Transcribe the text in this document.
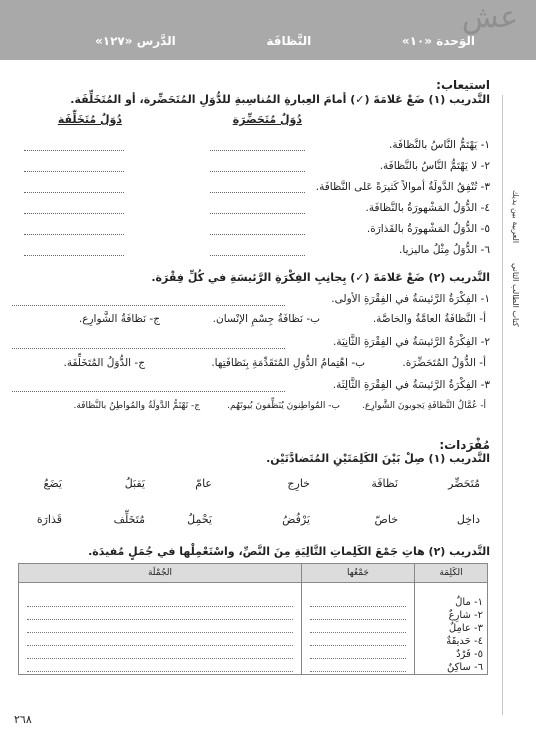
ﻋﺶ
الوَحدة «١٠»
النَّظافَة
الدَّرس «١٢٧»
كتاب الطالب الثاني
العربية بين يديك
استيعاب:
التَّدريب (١) ضَعْ عَلامَةَ (✓) أمامَ العِبارةِ المُناسِبةِ للدُّوَلِ المُتَحَضِّرة، أو المُتَخَلِّفَة.
دُوَلٌ مُتَحَضِّرَة
دُوَلٌ مُتَخَلِّفَة
١- يَهْتَمُّ النَّاسُ بالنَّظافَة.
٢- لا يَهْتَمُّ النَّاسُ بالنَّظافَة.
٣- تُنْفِقُ الدَّولَةُ أموالاً كَثيرَةً عَلى النَّظافَة.
٤- الدُّوَلُ المَشْهورَةُ بالنَّظافَة.
٥- الدُّوَلُ المَشْهورَةُ بالقَذارَة.
٦- الدُّوَلُ مِثْلُ ماليزيا.
التَّدريب (٢) ضَعْ عَلامَةَ (✓) بِجانِبِ الفِكْرَةِ الرَّئيسَةِ في كُلِّ فِقْرَة.
١- الفِكْرَةُ الرَّئيسَةُ في الفِقْرَةِ الأولى.
أ- النَّظافَةُ العامَّةُ والخاصَّة.
ب- نَظافَةُ جِسْمِ الإنْسان.
ج- نَظافَةُ الشَّوارِع.
٢- الفِكْرَةُ الرَّئيسَةُ في الفِقْرَةِ الثَّانِيَة.
أ- الدُّوَلُ المُتَحَضِّرَة.
ب- اهْتِمامُ الدُّوَلِ المُتَقَدِّمَةِ بِنَظافَتِها.
ج- الدُّوَلُ المُتَخَلِّفَة.
٣- الفِكْرَةُ الرَّئيسَةُ في الفِقْرَةِ الثَّالِثَة.
أ- عُمَّالُ النَّظافَةِ يَجوبونَ الشَّوارِع.
ب- المُواطِنونَ يُنَظِّفونَ بُيوتَهُم.
ج- تَهْتَمُّ الدَّولَةُ والمُواطِنُ بالنَّظافَة.
مُفْرَدات:
التَّدريب (١) صِلْ بَيْنَ الكَلِمَتَيْنِ المُتَضادَّتَيْن.
مُتَحَضِّر
نَظافَة
خارِج
عامّ
يَقبَلُ
يَضَعُ
داخِل
خاصّ
يَرْفُضُ
يَحْمِلُ
مُتَخَلِّف
قَذارَة
التَّدريب (٢) هاتِ جَمْعَ الكَلِماتِ التَّالِيَةِ مِنَ النَّصِّ، واسْتَعْمِلْها في جُمَلٍ مُفيدَة.
الكَلِمَة	جَمْعُها	الجُمْلَة

١- مالٌ	

٢- شارِعٌ	

٣- عامِلٌ	

٤- حَديقَةٌ	

٥- فَرْدٌ	

٦- ساكِنٌ	

٢٦٨
